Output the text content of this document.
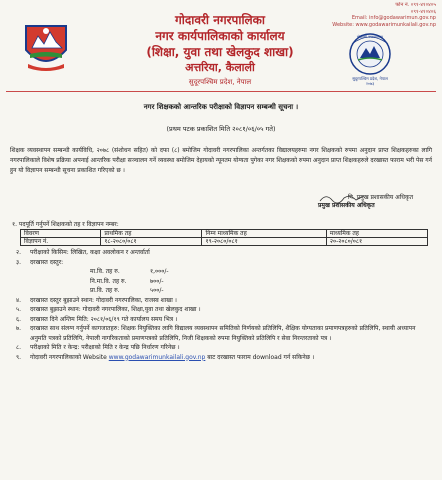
फोन नं. ०९१-४१०४०५
०९१-४१०४०६
Email: info@godawarimun.gov.np
Website: www.godawarimunkailali.gov.np
गोदावरी नगरपालिका
नगर कार्यपालिकाको कार्यालय
(शिक्षा, युवा तथा खेलकुद शाखा)
अत्तरिया, कैलाली
सुदूरपश्चिम प्रदेश, नेपाल
गोदावरी नगरपालिका
सुदूरपश्चिम प्रदेश, नेपाल
२०७३
नगर शिक्षकको आन्तरिक परीक्षाको विज्ञापन सम्बन्धी सूचना ।
(प्रथम पटक प्रकाशित मिति २०८१/०६/०५ गते)
शिक्षक व्यवस्थापन सम्बन्धी कार्यविधि, २०७८ (संशोधन सहित) को दफा (८) बमोजिम गोदावरी नगरपालिका अन्तर्गतका विद्यालयहरुमा नगर शिक्षकको रुपमा अनुदान प्राप्त शिक्षकहरुका लागि नगरपालिकाले विशेष प्रक्रिया अपनाई आन्तरिक परीक्षा सञ्चालन गर्ने व्यवस्था बमोजिम देहायको न्यूनतम योग्यता पुगेका नगर शिक्षकको रुपमा अनुदान प्राप्त शिक्षकहरुले दरखास्त फाराम भरी पेस गर्न हुन यो विज्ञापन सम्बन्धी सूचना प्रकाशित गरिएको छ ।
नि. प्रमुख प्रशासकीय अधिकृत
प्रमुख प्रशासकीय अधिकृत
१. पदपूर्ति गर्नुपर्ने शिक्षकको तह र विज्ञापन नम्बर:
विवरण	प्राथमिक तह	निम्न माध्यमिक तह	माध्यमिक तह
विज्ञापन नं.	१८-२०८०/०८१	१९-२०८०/०८१	२०-२०८०/०८१
२.	परीक्षाको किसिम: लिखित, कक्षा अवलोकन र अन्तर्वार्ता
३.	दरखास्त दस्तुर:
मा.वि. तह रु.	१,०००/-
नि.मा.वि. तह रु.	७००/-
प्रा.वि. तह रु.	५००/-
४.	दरखास्त दस्तुर बुझाउने स्थान: गोदावरी नगरपालिका, राजस्व शाखा ।
५.	दरखास्त बुझाउने स्थान: गोदावरी नगरपालिका, शिक्षा,युवा तथा खेलकुद शाखा ।
६.	दरखास्त दिने अन्तिम मिति: २०८१/०६/१९ गते कार्यालय समय भित्र ।
७.	दरखास्त साथ संलग्न गर्नुपर्ने कागजातहरु: शिक्षक नियुक्तिका लागि विद्यालय व्यवस्थापन समितिको निर्णयको प्रतिलिपि, शैक्षिक योग्यताका प्रमाणपत्रहरुको प्रतिलिपि, स्थायी अध्यापन अनुमति पत्रको प्रतिलिपि, नेपाली नागरिकताको प्रमाणपत्रको प्रतिलिपि, निजी शिक्षकको रुपमा नियुक्तिको प्रतिलिपि र सेवा निरन्तरताको पत्र ।
८.	परीक्षाको मिति र केन्द्र: परीक्षाको मिति र केन्द्र पछि निर्धारण गरिनेछ ।
९.	गोदावरी नगरपालिकाको Website www.godawarimunkailali.gov.np बाट दरखास्त फाराम download गर्न सकिनेछ ।
